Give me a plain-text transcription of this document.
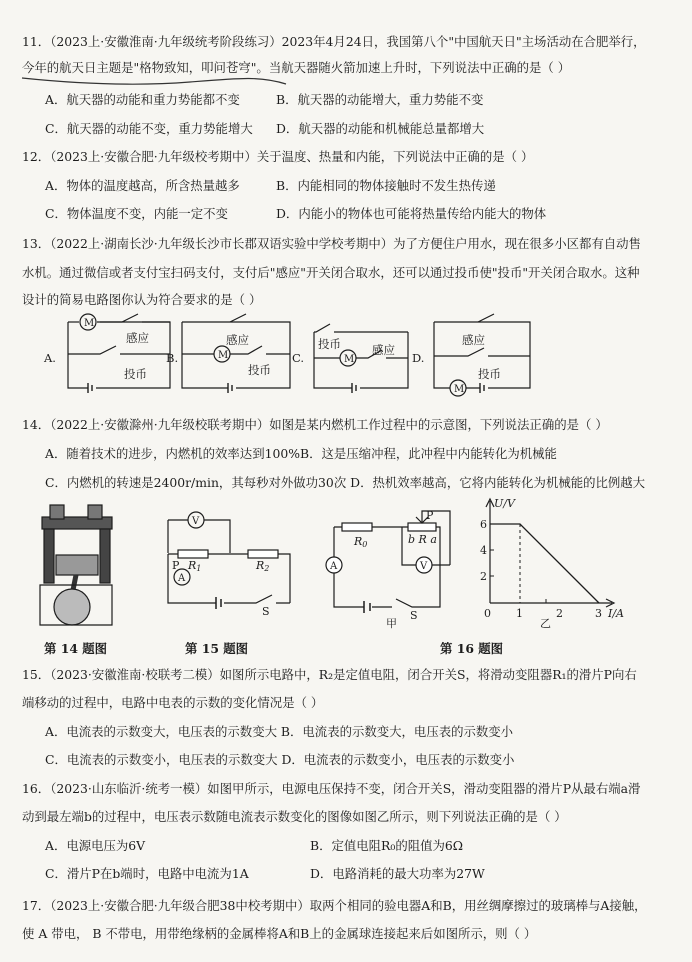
11．（2023上·安徽淮南·九年级统考阶段练习）2023年4月24日，我国第八个"中国航天日"主场活动在合肥举行，
今年的航天日主题是"格物致知，叩问苍穹"。当航天器随火箭加速上升时，下列说法中正确的是（ ）
A．航天器的动能和重力势能都不变	B．航天器的动能增大，重力势能不变
C．航天器的动能不变，重力势能增大 D．航天器的动能和机械能总量都增大
12．（2023上·安徽合肥·九年级校考期中）关于温度、热量和内能，下列说法中正确的是（ ）
A．物体的温度越高，所含热量越多	B．内能相同的物体接触时不发生热传递
C．物体温度不变，内能一定不变	D．内能小的物体也可能将热量传给内能大的物体
13．（2022上·湖南长沙·九年级长沙市长郡双语实验中学校考期中）为了方便住户用水，现在很多小区都有自动售
水机。通过微信或者支付宝扫码支付，支付后"感应"开关闭合取水，还可以通过投币使"投币"开关闭合取水。这种
设计的简易电路图你认为符合要求的是（ ）
A.
M
感应
投币
B.
感应
M
投币
C.
投币
M
感应
D.
感应
投币
M
14．（2022上·安徽滁州·九年级校联考期中）如图是某内燃机工作过程中的示意图，下列说法正确的是（ ）
A．随着技术的进步，内燃机的效率达到100%B．这是压缩冲程，此冲程中内能转化为机械能
C．内燃机的转速是2400r/min，其每秒对外做功30次 D．热机效率越高，它将内能转化为机械能的比例越大
V
A
P R1	R2
S
R0	b R a
P
A	V
S
甲
U/V
6
4
2
0 1	2	3 I/A
乙
第 14 题图	第 15 题图	第 16 题图
15．（2023·安徽淮南·校联考二模）如图所示电路中，R₂是定值电阻，闭合开关S，将滑动变阻器R₁的滑片P向右
端移动的过程中，电路中电表的示数的变化情况是（ ）
A．电流表的示数变大，电压表的示数变大 B．电流表的示数变大，电压表的示数变小
C．电流表的示数变小，电压表的示数变大 D．电流表的示数变小，电压表的示数变小
16．（2023·山东临沂·统考一模）如图甲所示，电源电压保持不变，闭合开关S，滑动变阻器的滑片P从最右端a滑
动到最左端b的过程中，电压表示数随电流表示数变化的图像如图乙所示，则下列说法正确的是（ ）
A．电源电压为6V	B．定值电阻R₀的阻值为6Ω
C．滑片P在b端时，电路中电流为1A	D．电路消耗的最大功率为27W
17．（2023上·安徽合肥·九年级合肥38中校考期中）取两个相同的验电器A和B，用丝绸摩擦过的玻璃棒与A接触，
使 A 带电， B 不带电，用带绝缘柄的金属棒将A和B上的金属球连接起来后如图所示，则（ ）
